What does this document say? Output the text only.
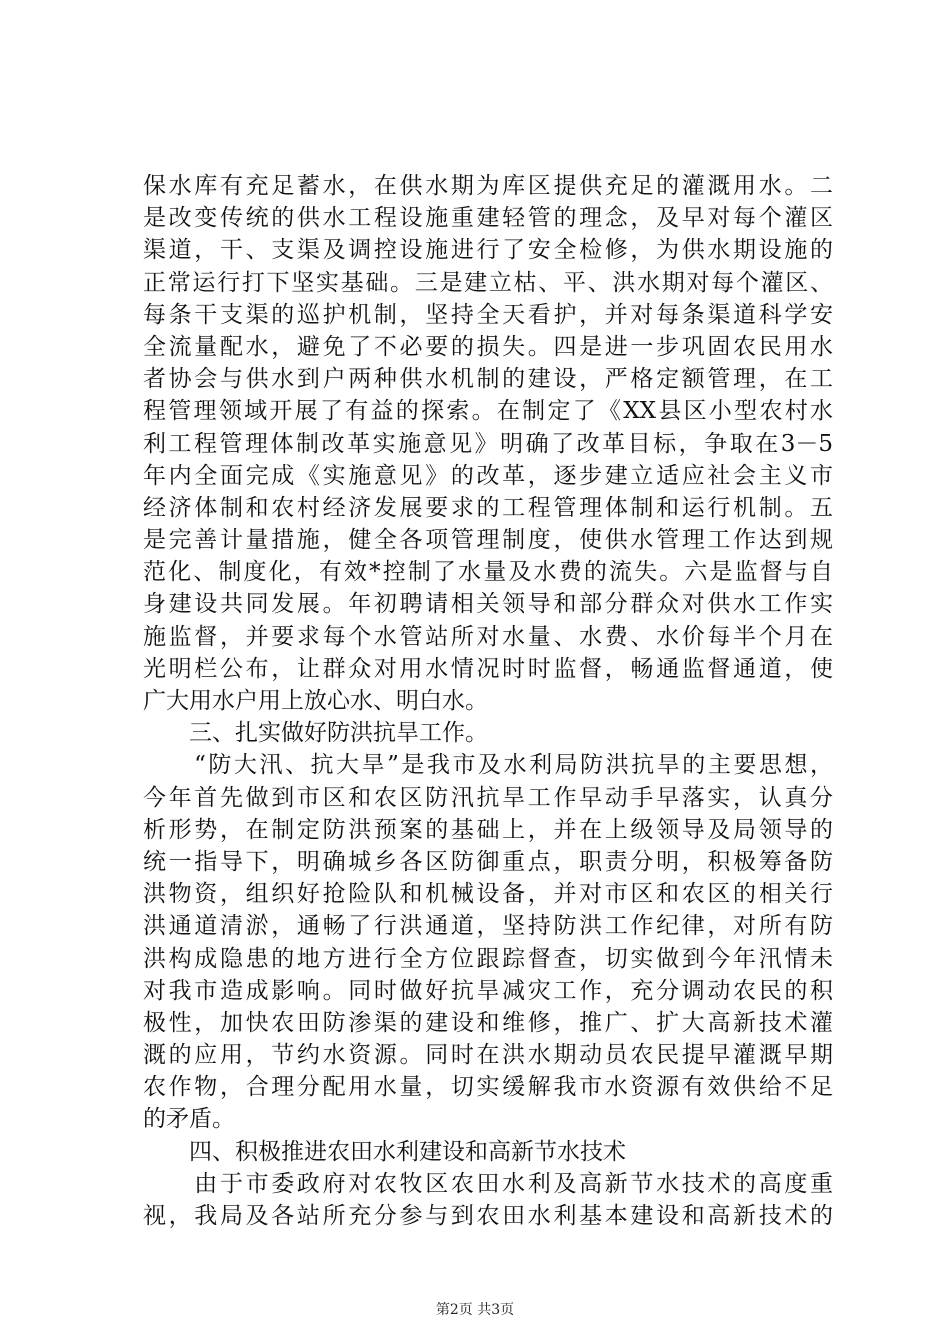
保水库有充足蓄水，在供水期为库区提供充足的灌溉用水。二
是改变传统的供水工程设施重建轻管的理念，及早对每个灌区
渠道，干、支渠及调控设施进行了安全检修，为供水期设施的
正常运行打下坚实基础。三是建立枯、平、洪水期对每个灌区、
每条干支渠的巡护机制，坚持全天看护，并对每条渠道科学安
全流量配水，避免了不必要的损失。四是进一步巩固农民用水
者协会与供水到户两种供水机制的建设，严格定额管理，在工
程管理领域开展了有益的探索。在制定了《XX县区小型农村水
利工程管理体制改革实施意见》明确了改革目标，争取在3－5
年内全面完成《实施意见》的改革，逐步建立适应社会主义市
经济体制和农村经济发展要求的工程管理体制和运行机制。五
是完善计量措施，健全各项管理制度，使供水管理工作达到规
范化、制度化，有效*控制了水量及水费的流失。六是监督与自
身建设共同发展。年初聘请相关领导和部分群众对供水工作实
施监督，并要求每个水管站所对水量、水费、水价每半个月在
光明栏公布，让群众对用水情况时时监督，畅通监督通道，使
广大用水户用上放心水、明白水。
　　三、扎实做好防洪抗旱工作。
　　“防大汛、抗大旱”是我市及水利局防洪抗旱的主要思想，
今年首先做到市区和农区防汛抗旱工作早动手早落实，认真分
析形势，在制定防洪预案的基础上，并在上级领导及局领导的
统一指导下，明确城乡各区防御重点，职责分明，积极筹备防
洪物资，组织好抢险队和机械设备，并对市区和农区的相关行
洪通道清淤，通畅了行洪通道，坚持防洪工作纪律，对所有防
洪构成隐患的地方进行全方位跟踪督查，切实做到今年汛情未
对我市造成影响。同时做好抗旱减灾工作，充分调动农民的积
极性，加快农田防渗渠的建设和维修，推广、扩大高新技术灌
溉的应用，节约水资源。同时在洪水期动员农民提早灌溉早期
农作物，合理分配用水量，切实缓解我市水资源有效供给不足
的矛盾。
　　四、积极推进农田水利建设和高新节水技术
　　由于市委政府对农牧区农田水利及高新节水技术的高度重
视，我局及各站所充分参与到农田水利基本建设和高新技术的
第2页 共3页
